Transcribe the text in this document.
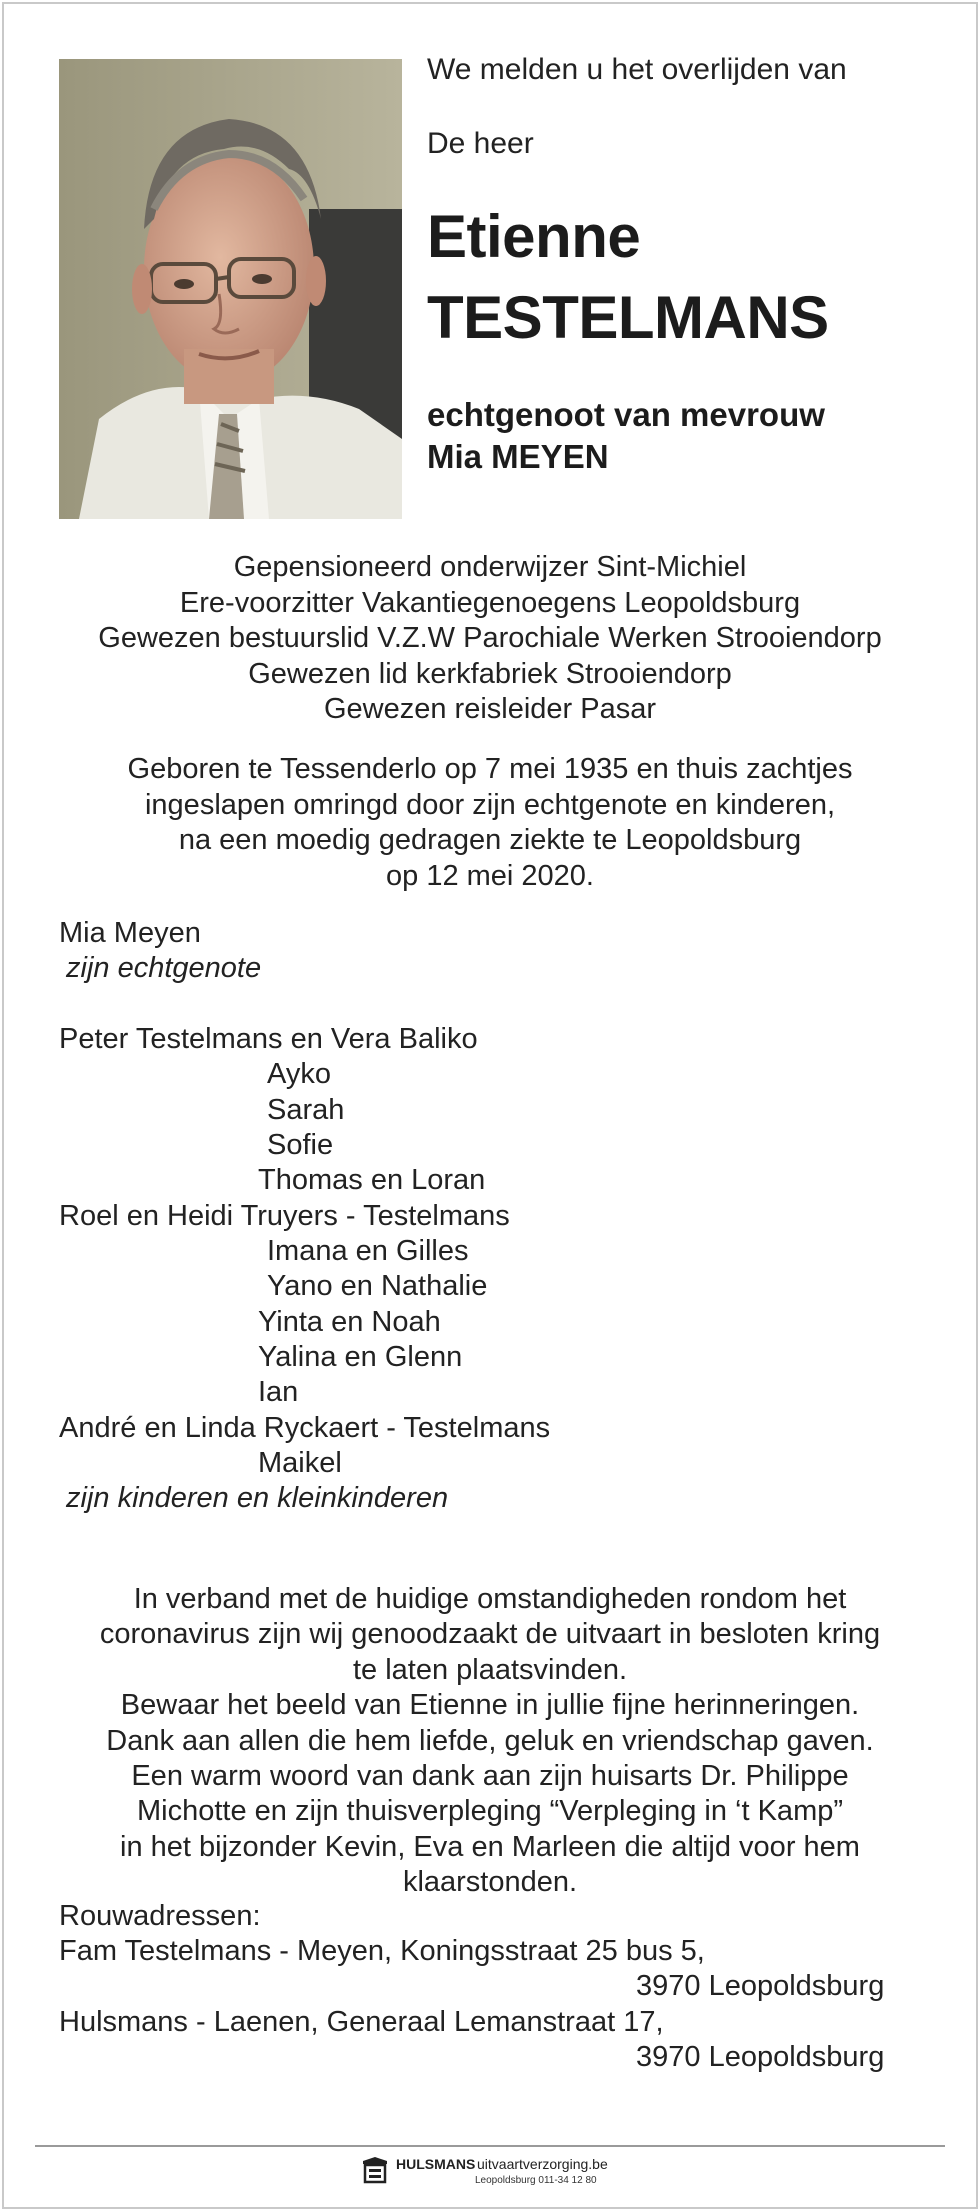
We melden u het overlijden van
De heer
Etienne
TESTELMANS
echtgenoot van mevrouw
Mia MEYEN
Gepensioneerd onderwijzer Sint-Michiel
Ere-voorzitter Vakantiegenoegens Leopoldsburg
Gewezen bestuurslid V.Z.W Parochiale Werken Strooiendorp
Gewezen lid kerkfabriek Strooiendorp
Gewezen reisleider Pasar
Geboren te Tessenderlo op 7 mei 1935 en thuis zachtjes
ingeslapen omringd door zijn echtgenote en kinderen,
na een moedig gedragen ziekte te Leopoldsburg
op 12 mei 2020.
Mia Meyen
zijn echtgenote
Peter Testelmans en Vera Baliko
Ayko
Sarah
Sofie
Thomas en Loran
Roel en Heidi Truyers - Testelmans
Imana en Gilles
Yano en Nathalie
Yinta en Noah
Yalina en Glenn
Ian
André en Linda Ryckaert - Testelmans
Maikel
zijn kinderen en kleinkinderen
In verband met de huidige omstandigheden rondom het
coronavirus zijn wij genoodzaakt de uitvaart in besloten kring
te laten plaatsvinden.
Bewaar het beeld van Etienne in jullie fijne herinneringen.
Dank aan allen die hem liefde, geluk en vriendschap gaven.
Een warm woord van dank aan zijn huisarts Dr. Philippe
Michotte en zijn thuisverpleging “Verpleging in ‘t Kamp”
in het bijzonder Kevin, Eva en Marleen die altijd voor hem
klaarstonden.
Rouwadressen:
Fam Testelmans - Meyen, Koningsstraat 25 bus 5,
3970 Leopoldsburg
Hulsmans - Laenen, Generaal Lemanstraat 17,
3970 Leopoldsburg
HULSMANS uitvaartverzorging.be
Leopoldsburg 011-34 12 80
